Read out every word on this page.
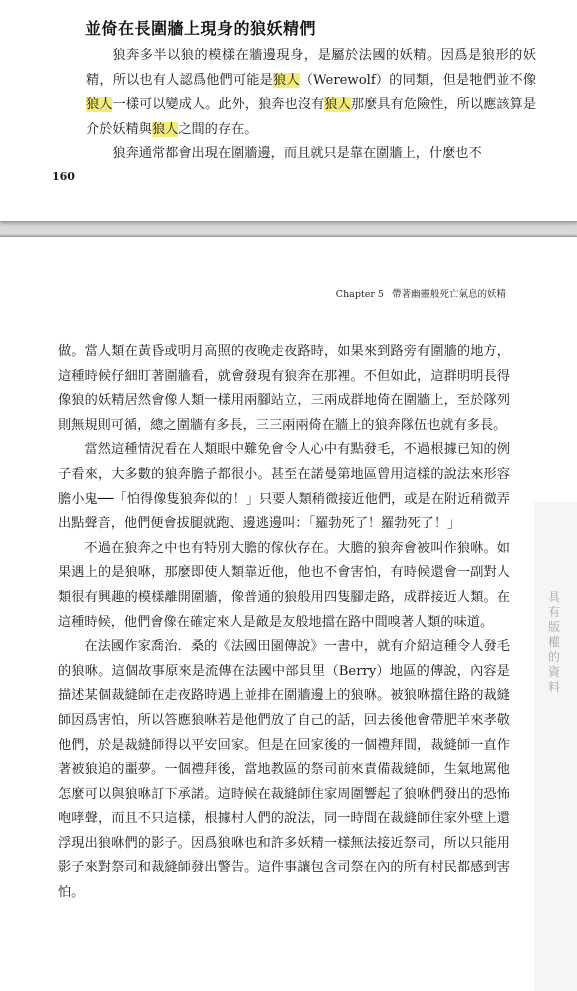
並倚在長圍牆上現身的狼妖精們

狼奔多半以狼的模樣在牆邊現身，是屬於法國的妖精。因爲是狼形的妖精，所以也有人認爲他們可能是狼人（Werewolf）的同類，但是牠們並不像狼人一樣可以變成人。此外，狼奔也沒有狼人那麼具有危險性，所以應該算是介於妖精與狼人之間的存在。

狼奔通常都會出現在圍牆邊，而且就只是靠在圍牆上，什麼也不

160
Chapter 5 帶著幽靈般死亡氣息的妖精

做。當人類在黃昏或明月高照的夜晚走夜路時，如果來到路旁有圍牆的地方，這種時候仔細盯著圍牆看，就會發現有狼奔在那裡。不但如此，這群明明長得像狼的妖精居然會像人類一樣用兩腳站立，三兩成群地倚在圍牆上，至於隊列則無規則可循，總之圍牆有多長，三三兩兩倚在牆上的狼奔隊伍也就有多長。

當然這種情況看在人類眼中難免會令人心中有點發毛，不過根據已知的例子看來，大多數的狼奔膽子都很小。甚至在諾曼第地區曾用這樣的說法來形容膽小鬼──「怕得像隻狼奔似的！」只要人類稍微接近他們，或是在附近稍微弄出點聲音，他們便會拔腿就跑、邊逃邊叫：「羅勃死了！羅勃死了！」

不過在狼奔之中也有特別大膽的傢伙存在。大膽的狼奔會被叫作狼咻。如果遇上的是狼咻，那麼即使人類靠近他，他也不會害怕，有時候還會一副對人類很有興趣的模樣離開圍牆，像普通的狼般用四隻腳走路，成群接近人類。在這種時候，他們會像在確定來人是敵是友般地擋在路中間嗅著人類的味道。

在法國作家喬治．桑的《法國田園傳說》一書中，就有介紹這種令人發毛的狼咻。這個故事原來是流傳在法國中部貝里（Berry）地區的傳說，內容是描述某個裁縫師在走夜路時遇上並排在圍牆邊上的狼咻。被狼咻擋住路的裁縫師因爲害怕，所以答應狼咻若是他們放了自己的話，回去後他會帶肥羊來孝敬他們，於是裁縫師得以平安回家。但是在回家後的一個禮拜間，裁縫師一直作著被狼追的噩夢。一個禮拜後，當地教區的祭司前來責備裁縫師，生氣地罵他怎麼可以與狼咻訂下承諾。這時候在裁縫師住家周圍響起了狼咻們發出的恐怖咆哮聲，而且不只這樣，根據村人們的說法，同一時間在裁縫師住家外壁上還浮現出狼咻們的影子。因爲狼咻也和許多妖精一樣無法接近祭司，所以只能用影子來對祭司和裁縫師發出警告。這件事讓包含司祭在內的所有村民都感到害怕。

具有版權的資料
